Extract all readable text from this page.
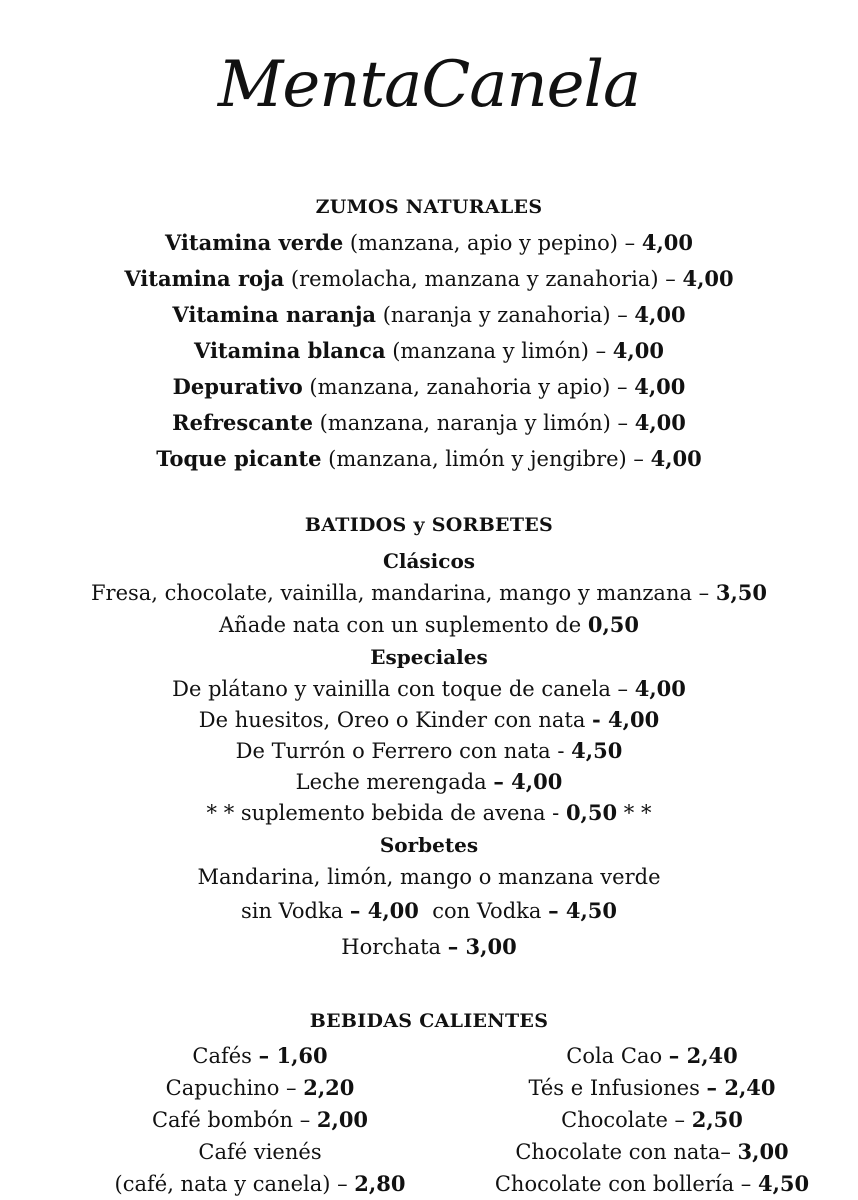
MentaCanela
ZUMOS NATURALES
Vitamina verde (manzana, apio y pepino) – 4,00
Vitamina roja (remolacha, manzana y zanahoria) – 4,00
Vitamina naranja (naranja y zanahoria) – 4,00
Vitamina blanca (manzana y limón) – 4,00
Depurativo (manzana, zanahoria y apio) – 4,00
Refrescante (manzana, naranja y limón) – 4,00
Toque picante (manzana, limón y jengibre) – 4,00
BATIDOS y SORBETES
Clásicos
Fresa, chocolate, vainilla, mandarina, mango y manzana – 3,50
Añade nata con un suplemento de 0,50
Especiales
De plátano y vainilla con toque de canela – 4,00
De huesitos, Oreo o Kinder con nata - 4,00
De Turrón o Ferrero con nata - 4,50
Leche merengada – 4,00
* * suplemento bebida de avena - 0,50 * *
Sorbetes
Mandarina, limón, mango o manzana verde
sin Vodka – 4,00  con Vodka – 4,50
Horchata – 3,00
BEBIDAS CALIENTES
Cafés – 1,60
Capuchino – 2,20
Café bombón – 2,00
Café vienés
(café, nata y canela) – 2,80
Cola Cao – 2,40
Tés e Infusiones – 2,40
Chocolate – 2,50
Chocolate con nata– 3,00
Chocolate con bollería – 4,50
